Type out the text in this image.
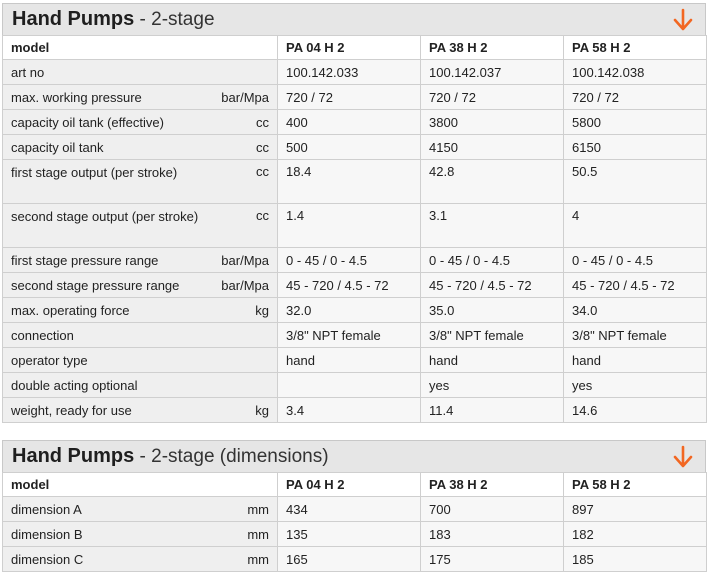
Hand Pumps - 2-stage
model	PA 04 H 2	PA 38 H 2	PA 58 H 2

art no	100.142.033	100.142.037	100.142.038

max. working pressure bar/Mpa	720 / 72	720 / 72	720 / 72

capacity oil tank (effective) cc	400	3800	5800

capacity oil tank cc	500	4150	6150

first stage output (per stroke) cc	18.4	42.8	50.5

second stage output (per stroke) cc	1.4	3.1	4

first stage pressure range bar/Mpa	0 - 45 / 0 - 4.5	0 - 45 / 0 - 4.5	0 - 45 / 0 - 4.5

second stage pressure range bar/Mpa	45 - 720 / 4.5 - 72	45 - 720 / 4.5 - 72	45 - 720 / 4.5 - 72

max. operating force kg	32.0	35.0	34.0

connection	3/8" NPT female	3/8" NPT female	3/8" NPT female

operator type	hand	hand	hand

double acting optional		yes	yes

weight, ready for use kg	3.4	11.4	14.6
Hand Pumps - 2-stage (dimensions)
model	PA 04 H 2	PA 38 H 2	PA 58 H 2

dimension A mm	434	700	897

dimension B mm	135	183	182

dimension C mm	165	175	185
